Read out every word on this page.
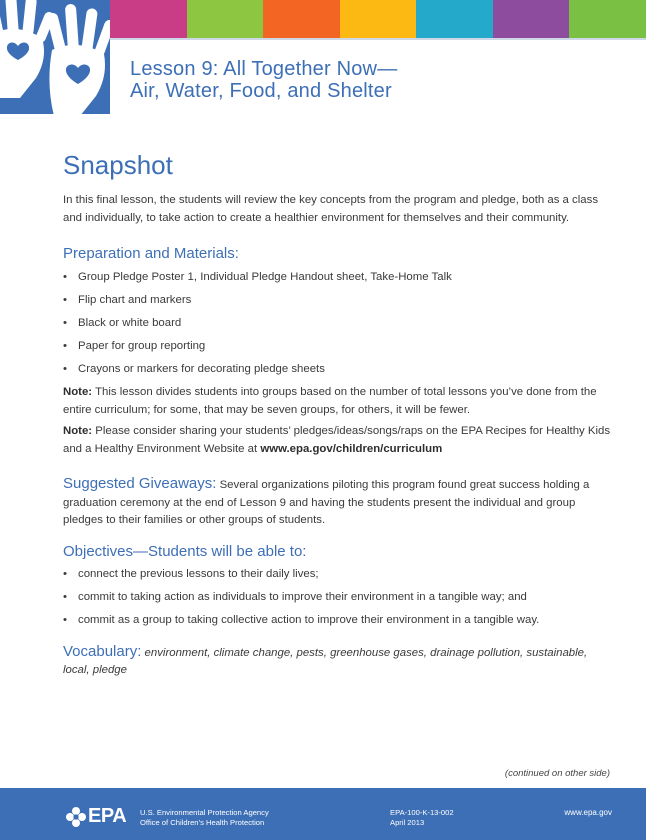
Lesson 9: All Together Now—
Air, Water, Food, and Shelter
Snapshot

In this final lesson, the students will review the key concepts from the program and pledge, both as a class and individually, to take action to create a healthier environment for themselves and their community.

Preparation and Materials:
• Group Pledge Poster 1, Individual Pledge Handout sheet, Take-Home Talk
• Flip chart and markers
• Black or white board
• Paper for group reporting
• Crayons or markers for decorating pledge sheets

Note: This lesson divides students into groups based on the number of total lessons you’ve done from the entire curriculum; for some, that may be seven groups, for others, it will be fewer.

Note: Please consider sharing your students’ pledges/ideas/songs/raps on the EPA Recipes for Healthy Kids and a Healthy Environment Website at www.epa.gov/children/curriculum

Suggested Giveaways: Several organizations piloting this program found great success holding a graduation ceremony at the end of Lesson 9 and having the students present the individual and group pledges to their families or other groups of students.

Objectives—Students will be able to:
• connect the previous lessons to their daily lives;
• commit to taking action as individuals to improve their environment in a tangible way; and
• commit as a group to taking collective action to improve their environment in a tangible way.

Vocabulary: environment, climate change, pests, greenhouse gases, drainage pollution, sustainable, local, pledge

(continued on other side)
EPA U.S. Environmental Protection Agency
Office of Children’s Health Protection
EPA-100-K-13-002
April 2013
www.epa.gov
